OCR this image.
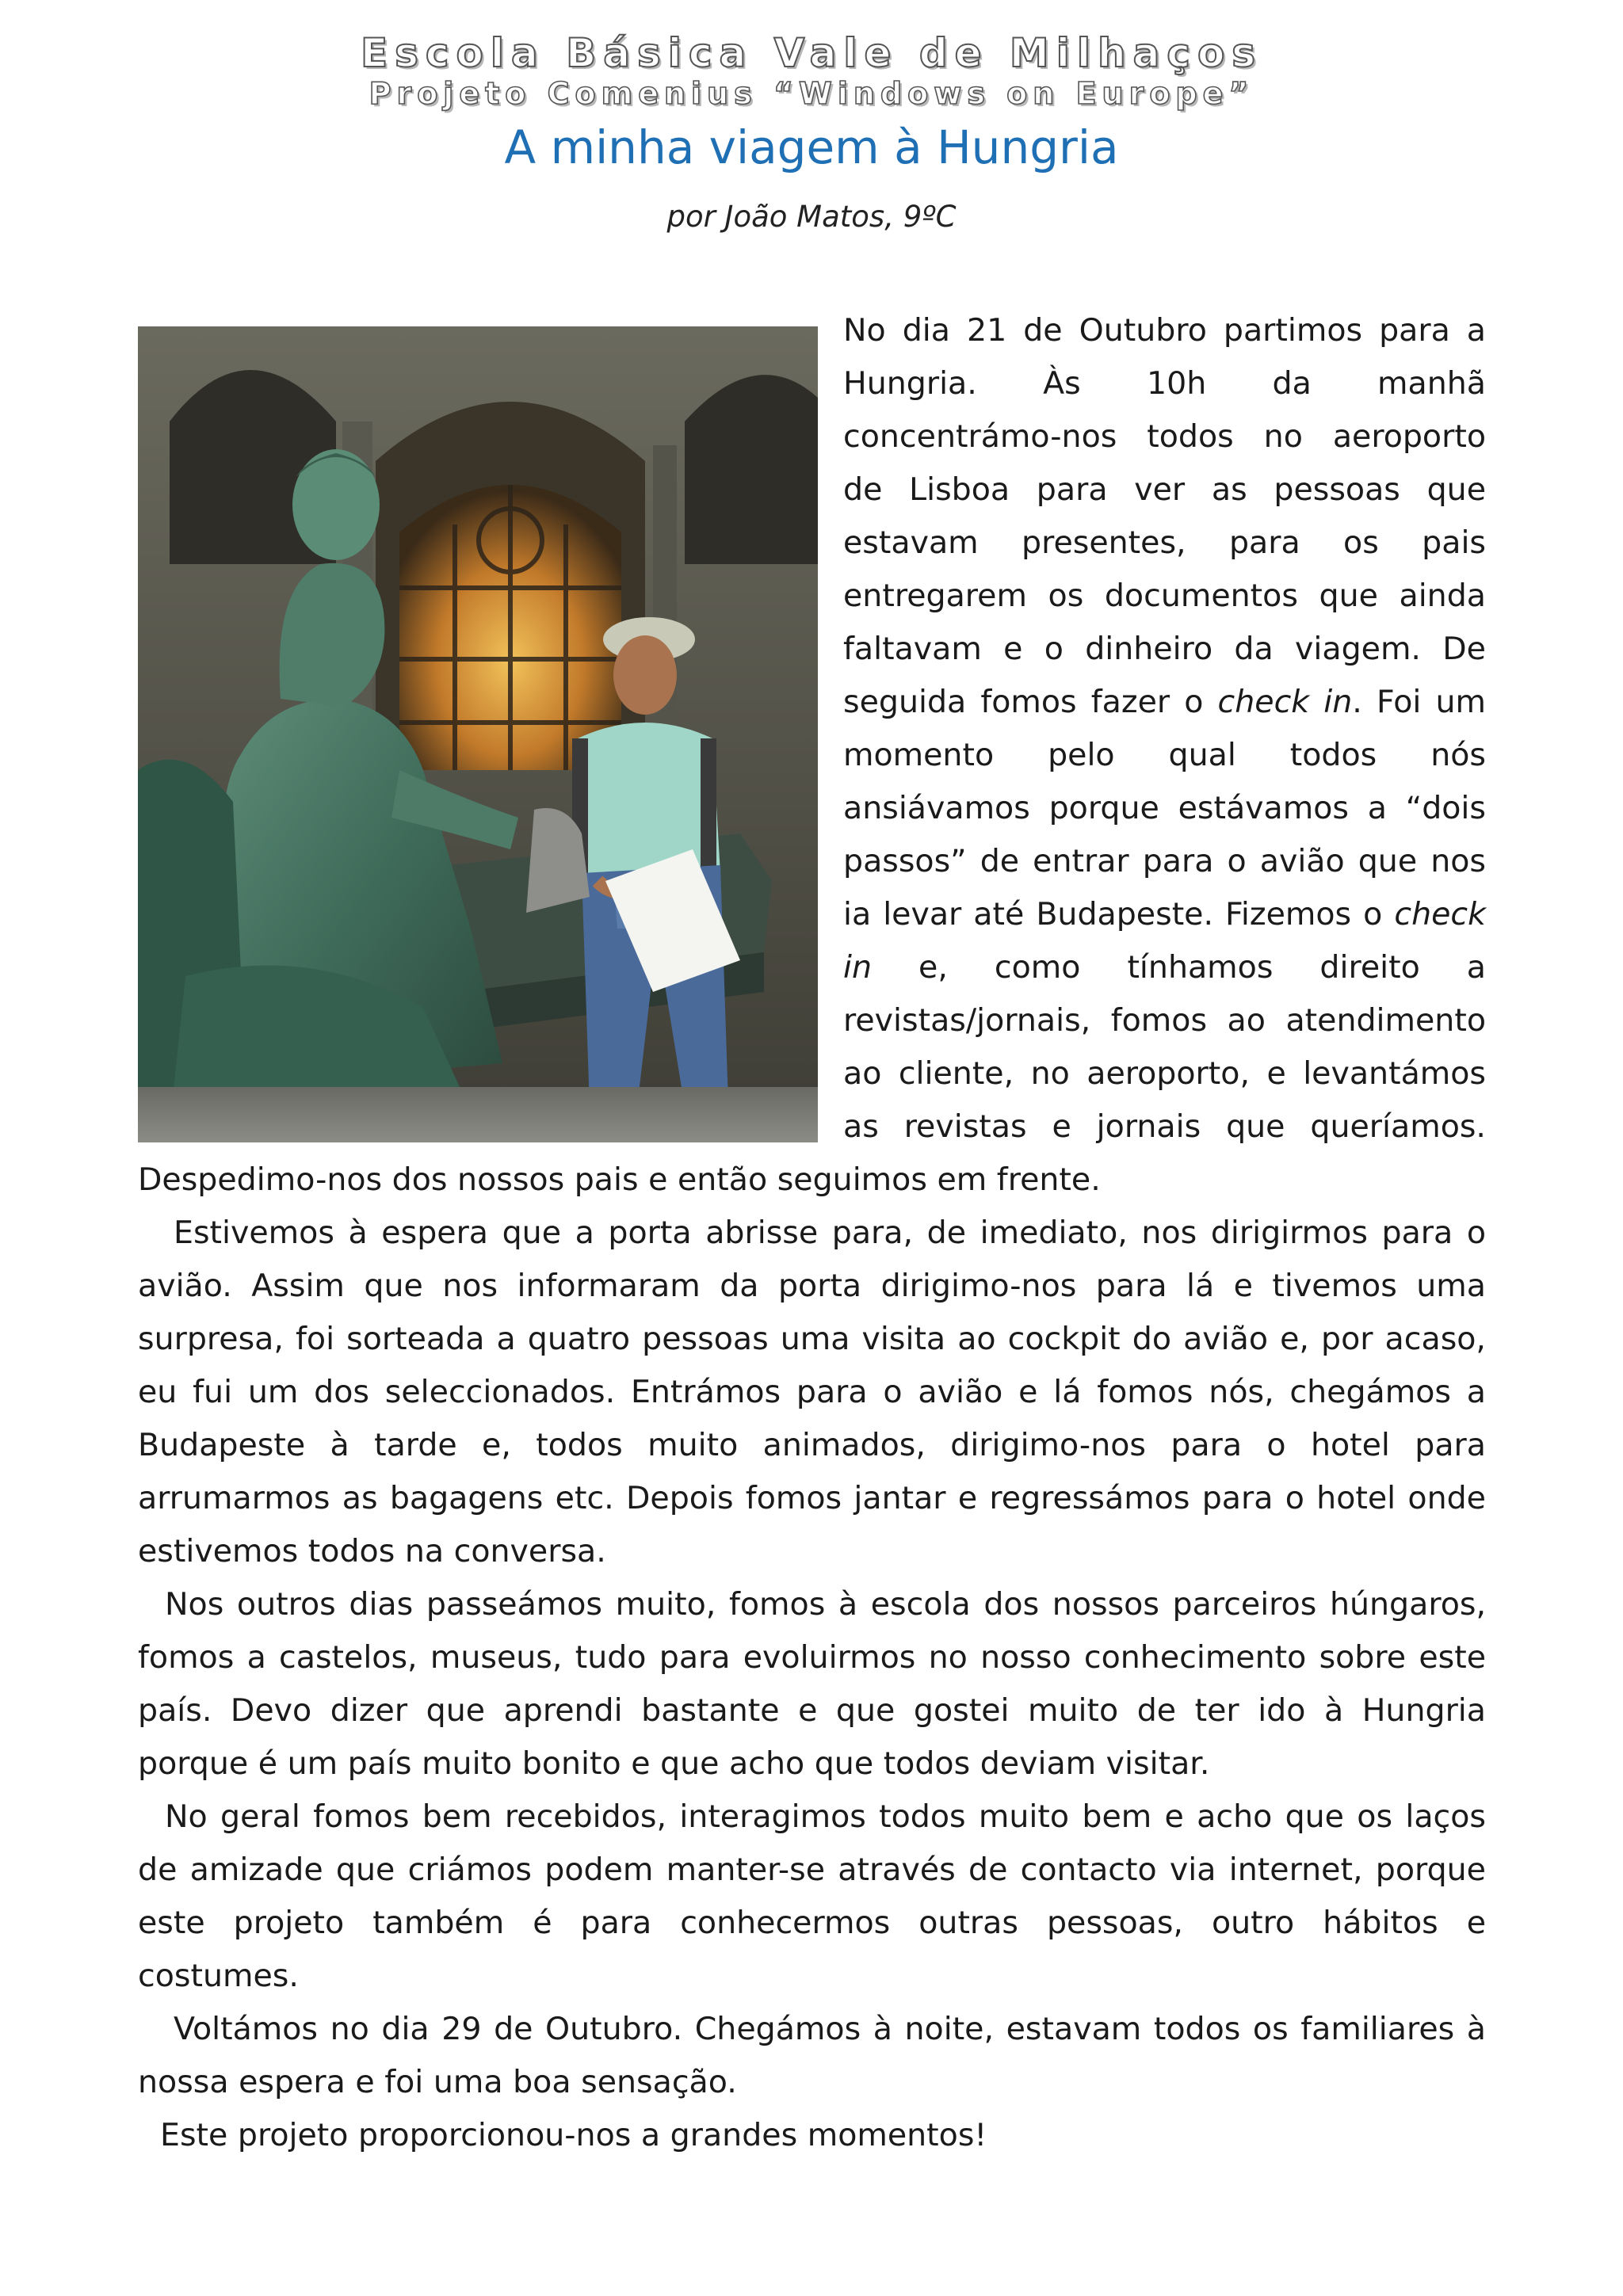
Escola Básica Vale de Milhaços
Projeto Comenius “Windows on Europe”
A minha viagem à Hungria
por João Matos, 9ºC
No dia 21 de Outubro partimos para a
Hungria. Às 10h da manhã
concentrámo-nos todos no aeroporto
de Lisboa para ver as pessoas que
estavam presentes, para os pais
entregarem os documentos que ainda
faltavam e o dinheiro da viagem. De
seguida fomos fazer o check in. Foi um
momento pelo qual todos nós
ansiávamos porque estávamos a “dois
passos” de entrar para o avião que nos
ia levar até Budapeste. Fizemos o check
in e, como tínhamos direito a
revistas/jornais, fomos ao atendimento
ao cliente, no aeroporto, e levantámos
as revistas e jornais que queríamos.
Despedimo-nos dos nossos pais e então seguimos em frente.
Estivemos à espera que a porta abrisse para, de imediato, nos dirigirmos para o
avião. Assim que nos informaram da porta dirigimo-nos para lá e tivemos uma
surpresa, foi sorteada a quatro pessoas uma visita ao cockpit do avião e, por acaso,
eu fui um dos seleccionados. Entrámos para o avião e lá fomos nós, chegámos a
Budapeste à tarde e, todos muito animados, dirigimo-nos para o hotel para
arrumarmos as bagagens etc. Depois fomos jantar e regressámos para o hotel onde
estivemos todos na conversa.
Nos outros dias passeámos muito, fomos à escola dos nossos parceiros húngaros,
fomos a castelos, museus, tudo para evoluirmos no nosso conhecimento sobre este
país. Devo dizer que aprendi bastante e que gostei muito de ter ido à Hungria
porque é um país muito bonito e que acho que todos deviam visitar.
No geral fomos bem recebidos, interagimos todos muito bem e acho que os laços
de amizade que criámos podem manter-se através de contacto via internet, porque
este projeto também é para conhecermos outras pessoas, outro hábitos e
costumes.
Voltámos no dia 29 de Outubro. Chegámos à noite, estavam todos os familiares à
nossa espera e foi uma boa sensação.
Este projeto proporcionou-nos a grandes momentos!
